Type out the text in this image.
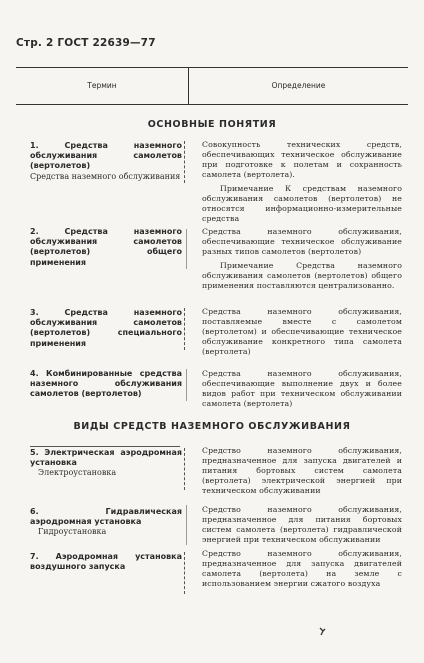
Стр. 2 ГОСТ 22639—77
Термин	Определение
ОСНОВНЫЕ ПОНЯТИЯ
1. Средства наземного обслуживания самолетов (вертолетов)
Средства наземного обслуживания
Совокупность технических средств, обеспечивающих техническое обслуживание при подготовке к полетам и сохранность самолета (вертолета).
Примечание К средствам наземного обслуживания самолетов (вертолетов) не относятся информационно-измерительные средства
2. Средства наземного обслуживания самолетов (вертолетов) общего применения
Средства наземного обслуживания, обеспечивающие техническое обслуживание разных типов самолетов (вертолетов)
Примечание Средства наземного обслуживания самолетов (вертолетов) общего применения поставляются централизованно.
3. Средства наземного обслуживания самолетов (вертолетов) специального применения
Средства наземного обслуживания, поставляемые вместе с самолетом (вертолетом) и обеспечивающие техническое обслуживание конкретного типа самолета (вертолета)
4. Комбинированные средства наземного обслуживания самолетов (вертолетов)
Средства наземного обслуживания, обеспечивающие выполнение двух и более видов работ при техническом обслуживании самолета (вертолета)
ВИДЫ СРЕДСТВ НАЗЕМНОГО ОБСЛУЖИВАНИЯ
5. Электрическая аэродромная установка
Электроустановка
Средство наземного обслуживания, предназначенное для запуска двигателей и питания бортовых систем самолета (вертолета) электрической энергией при техническом обслуживании
6. Гидравлическая аэродромная установка
Гидроустановка
Средство наземного обслуживания, предназначенное для питания бортовых систем самолета (вертолета) гидравлической энергией при техническом обслуживании
7. Аэродромная установка воздушного запуска
Средство наземного обслуживания, предназначенное для запуска двигателей самолета (вертолета) на земле с использованием энергии сжатого воздуха
